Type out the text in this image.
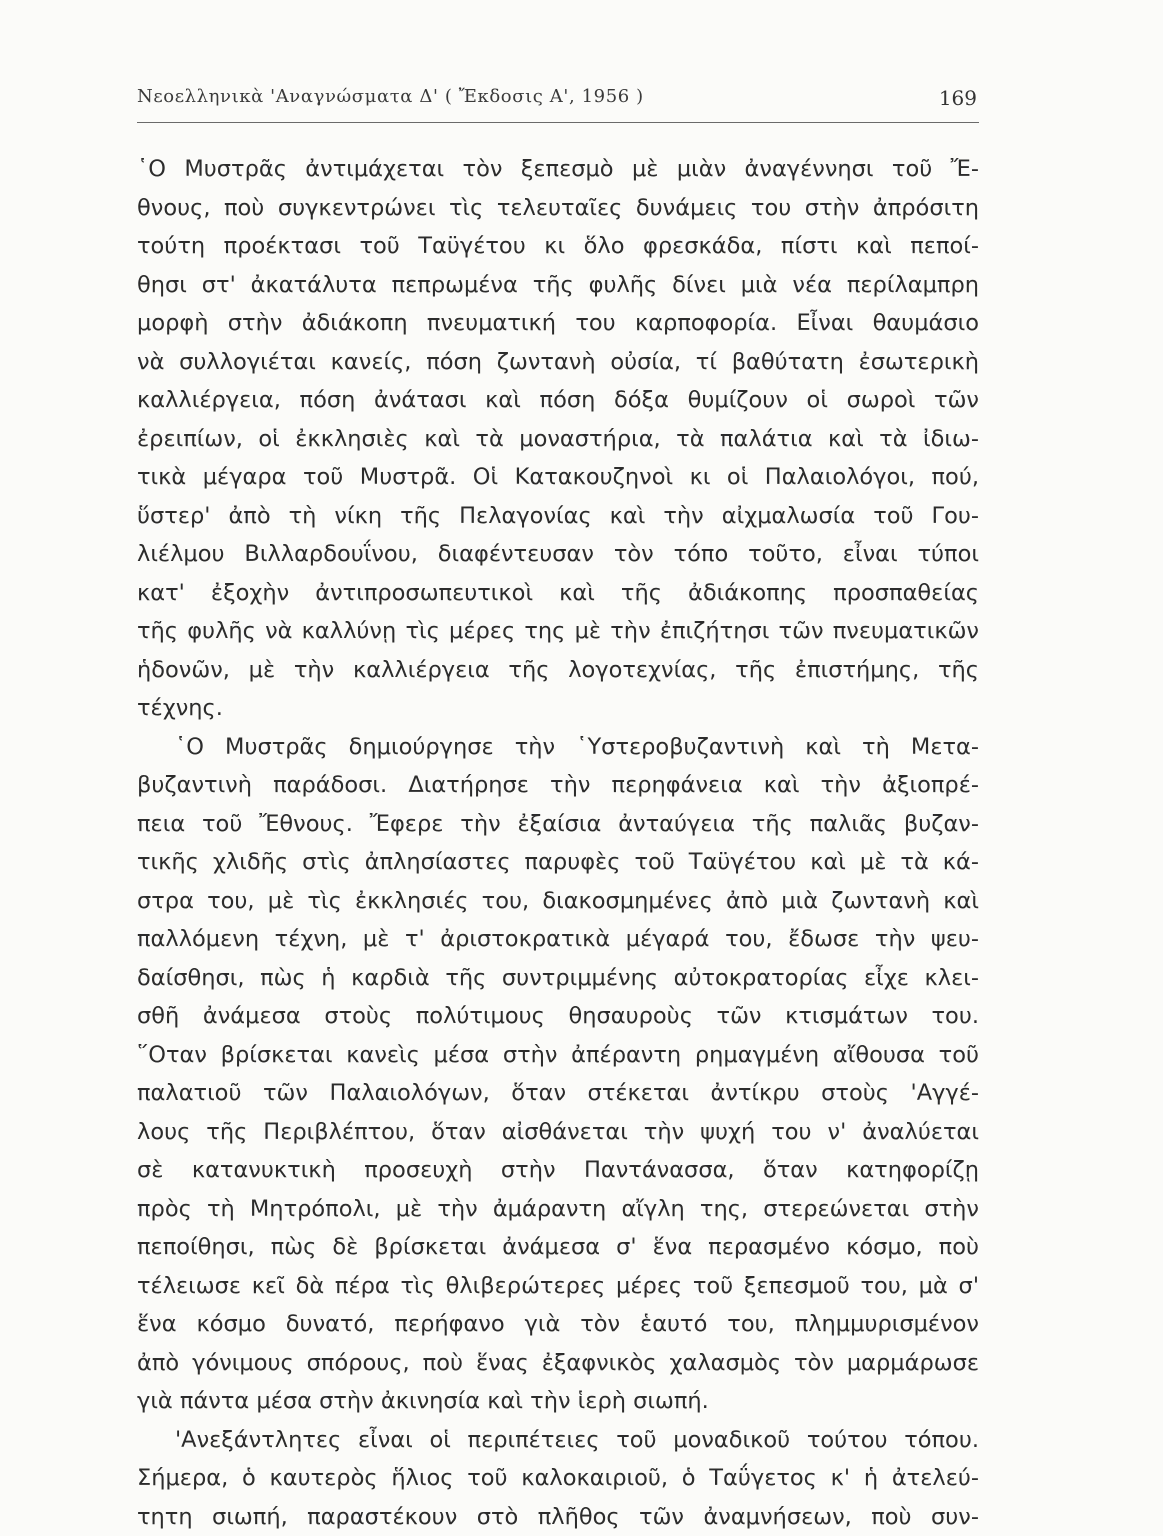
Νεοελληνικὰ 'Αναγνώσματα Δ' ( Ἔκδοσις Α', 1956 )	169
῾Ο Μυστρᾶς ἀντιμάχεται τὸν ξεπεσμὸ μὲ μιὰν ἀναγέννησι τοῦ Ἔ-
θνους, ποὺ συγκεντρώνει τὶς τελευταῖες δυνάμεις του στὴν ἀπρόσιτη
τούτη προέκτασι τοῦ Ταϋγέτου κι ὅλο φρεσκάδα, πίστι καὶ πεποί-
θησι στ' ἀκατάλυτα πεπρωμένα τῆς φυλῆς δίνει μιὰ νέα περίλαμπρη
μορφὴ στὴν ἀδιάκοπη πνευματική του καρποφορία. Εἶναι θαυμάσιο
νὰ συλλογιέται κανείς, πόση ζωντανὴ οὐσία, τί βαθύτατη ἐσωτερικὴ
καλλιέργεια, πόση ἀνάτασι καὶ πόση δόξα θυμίζουν οἱ σωροὶ τῶν
ἐρειπίων, οἱ ἐκκλησιὲς καὶ τὰ μοναστήρια, τὰ παλάτια καὶ τὰ ἰδιω-
τικὰ μέγαρα τοῦ Μυστρᾶ. Οἱ Κατακουζηνοὶ κι οἱ Παλαιολόγοι, πού,
ὕστερ' ἀπὸ τὴ νίκη τῆς Πελαγονίας καὶ τὴν αἰχμαλωσία τοῦ Γου-
λιέλμου Βιλλαρδουΐνου, διαφέντευσαν τὸν τόπο τοῦτο, εἶναι τύποι
κατ' ἐξοχὴν ἀντιπροσωπευτικοὶ καὶ τῆς ἀδιάκοπης προσπαθείας
τῆς φυλῆς νὰ καλλύνῃ τὶς μέρες της μὲ τὴν ἐπιζήτησι τῶν πνευματικῶν
ἡδονῶν, μὲ τὴν καλλιέργεια τῆς λογοτεχνίας, τῆς ἐπιστήμης, τῆς
τέχνης.
῾Ο Μυστρᾶς δημιούργησε τὴν ῾Υστεροβυζαντινὴ καὶ τὴ Μετα-
βυζαντινὴ παράδοσι. Διατήρησε τὴν περηφάνεια καὶ τὴν ἀξιοπρέ-
πεια τοῦ Ἔθνους. Ἔφερε τὴν ἐξαίσια ἀνταύγεια τῆς παλιᾶς βυζαν-
τικῆς χλιδῆς στὶς ἀπλησίαστες παρυφὲς τοῦ Ταϋγέτου καὶ μὲ τὰ κά-
στρα του, μὲ τὶς ἐκκλησιές του, διακοσμημένες ἀπὸ μιὰ ζωντανὴ καὶ
παλλόμενη τέχνη, μὲ τ' ἀριστοκρατικὰ μέγαρά του, ἔδωσε τὴν ψευ-
δαίσθησι, πὼς ἡ καρδιὰ τῆς συντριμμένης αὐτοκρατορίας εἶχε κλει-
σθῆ ἀνάμεσα στοὺς πολύτιμους θησαυροὺς τῶν κτισμάτων του.
῞Οταν βρίσκεται κανεὶς μέσα στὴν ἀπέραντη ρημαγμένη αἴθουσα τοῦ
παλατιοῦ τῶν Παλαιολόγων, ὅταν στέκεται ἀντίκρυ στοὺς 'Αγγέ-
λους τῆς Περιβλέπτου, ὅταν αἰσθάνεται τὴν ψυχή του ν' ἀναλύεται
σὲ κατανυκτικὴ προσευχὴ στὴν Παντάνασσα, ὅταν κατηφορίζῃ
πρὸς τὴ Μητρόπολι, μὲ τὴν ἀμάραντη αἴγλη της, στερεώνεται στὴν
πεποίθησι, πὼς δὲ βρίσκεται ἀνάμεσα σ' ἕνα περασμένο κόσμο, ποὺ
τέλειωσε κεῖ δὰ πέρα τὶς θλιβερώτερες μέρες τοῦ ξεπεσμοῦ του, μὰ σ'
ἕνα κόσμο δυνατό, περήφανο γιὰ τὸν ἑαυτό του, πλημμυρισμένον
ἀπὸ γόνιμους σπόρους, ποὺ ἕνας ἐξαφνικὸς χαλασμὸς τὸν μαρμάρωσε
γιὰ πάντα μέσα στὴν ἀκινησία καὶ τὴν ἱερὴ σιωπή.
'Ανεξάντλητες εἶναι οἱ περιπέτειες τοῦ μοναδικοῦ τούτου τόπου.
Σήμερα, ὁ καυτερὸς ἥλιος τοῦ καλοκαιριοῦ, ὁ Ταΰγετος κ' ἡ ἀτελεύ-
τητη σιωπή, παραστέκουν στὸ πλῆθος τῶν ἀναμνήσεων, ποὺ συν-
